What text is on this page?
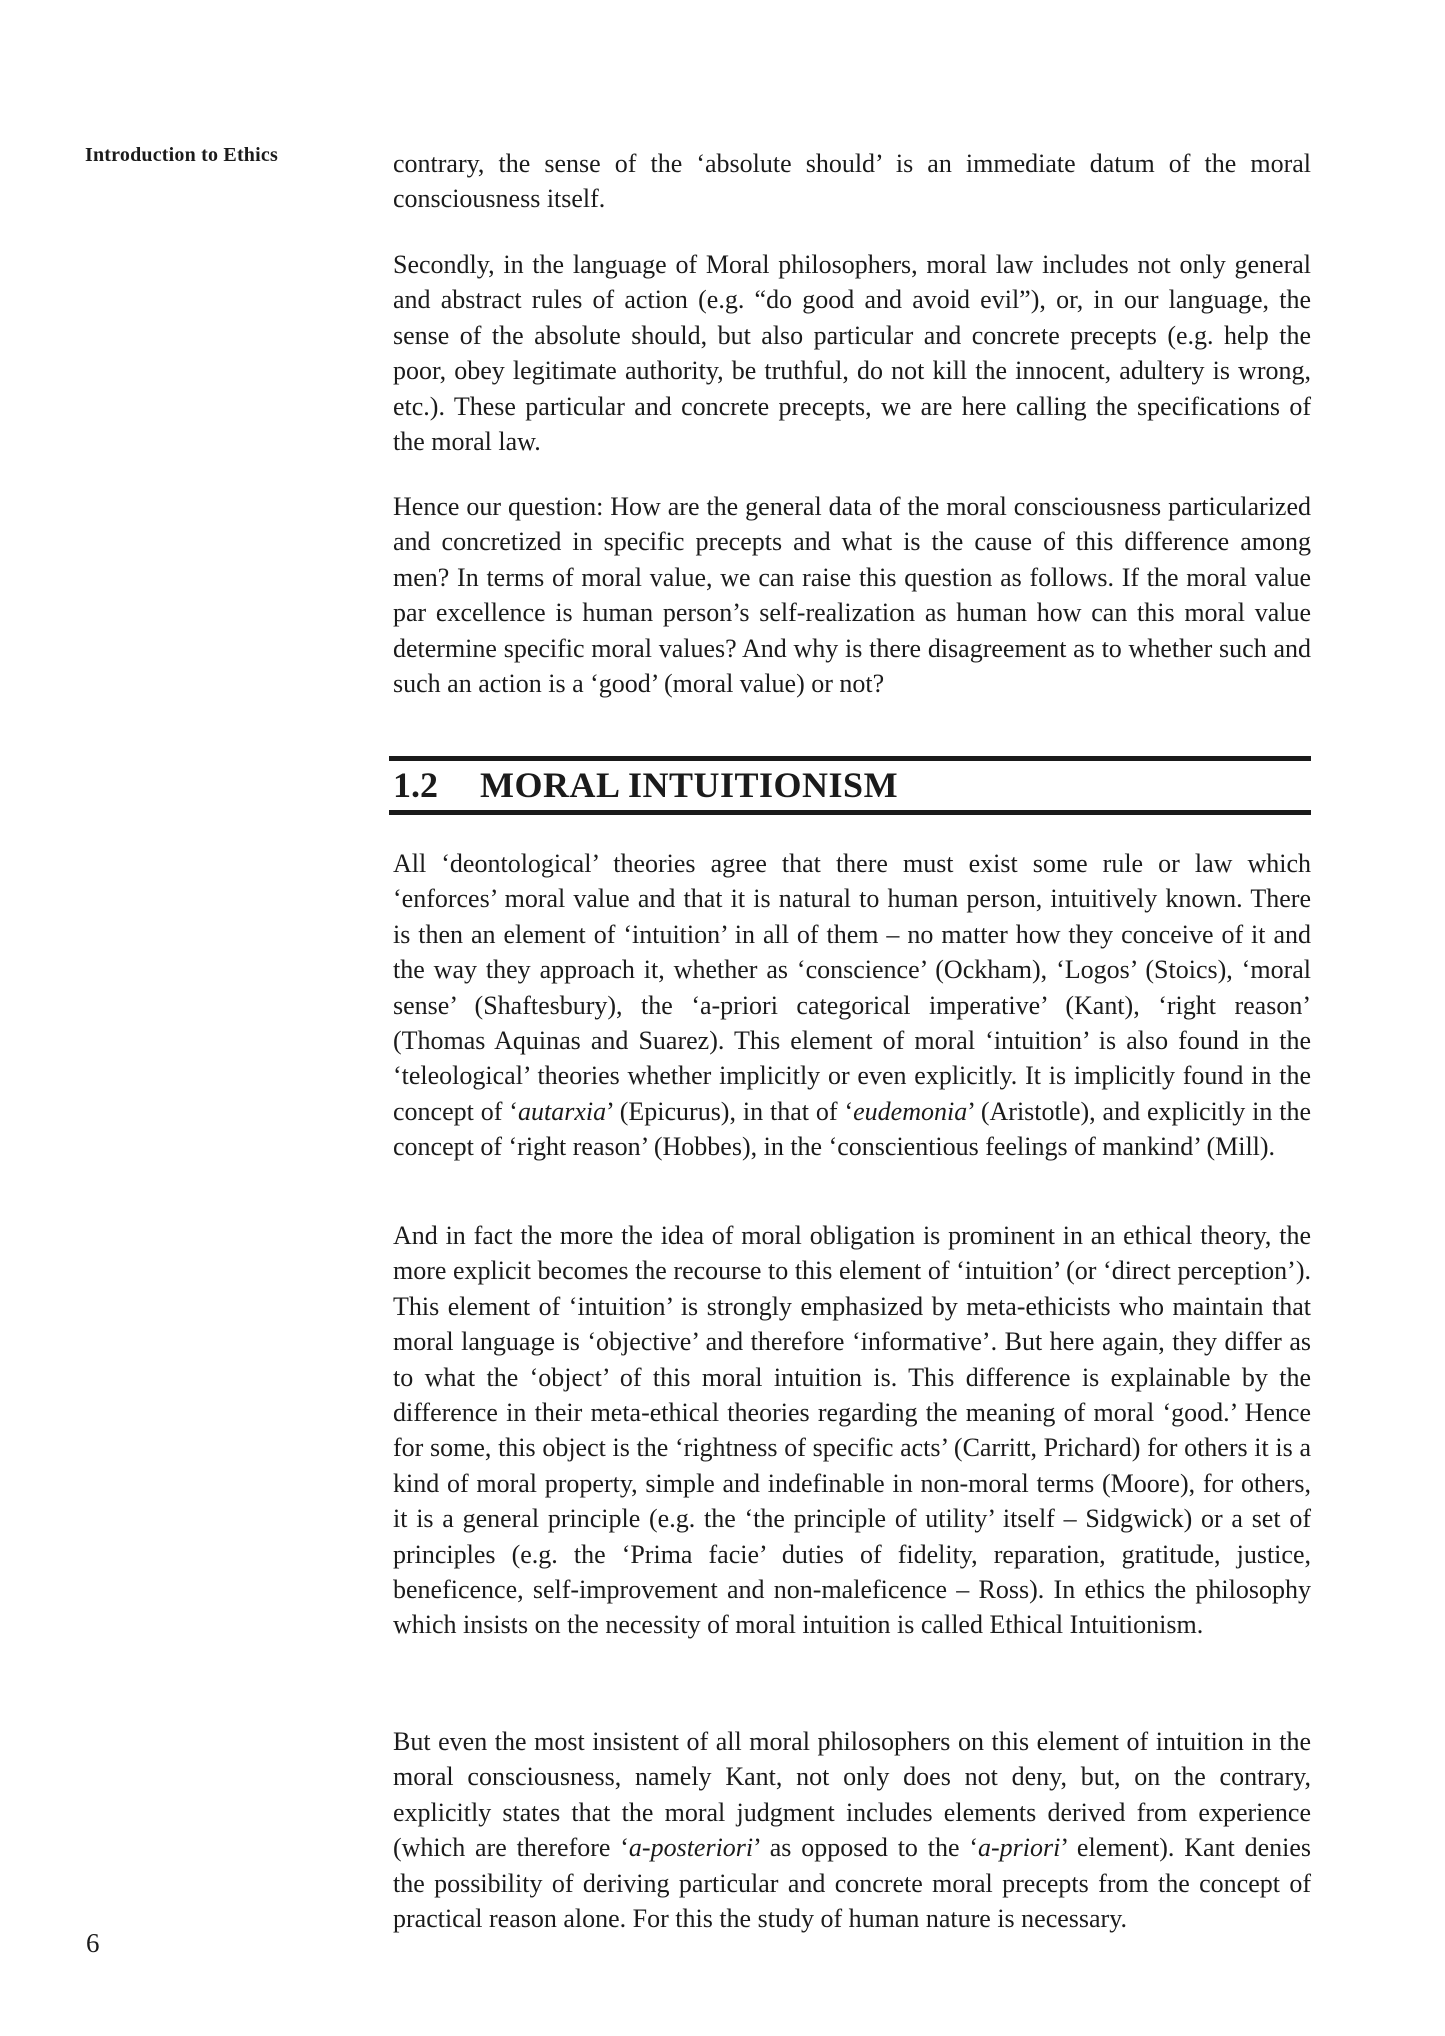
Introduction to Ethics
6

contrary, the sense of the ‘absolute should’ is an immediate datum of the moral consciousness itself.

Secondly, in the language of Moral philosophers, moral law includes not only general and abstract rules of action (e.g. “do good and avoid evil”), or, in our language, the sense of the absolute should, but also particular and concrete precepts (e.g. help the poor, obey legitimate authority, be truthful, do not kill the innocent, adultery is wrong, etc.). These particular and concrete precepts, we are here calling the specifications of the moral law.

Hence our question: How are the general data of the moral consciousness particularized and concretized in specific precepts and what is the cause of this difference among men? In terms of moral value, we can raise this question as follows. If the moral value par excellence is human person’s self-realization as human how can this moral value determine specific moral values? And why is there disagreement as to whether such and such an action is a ‘good’ (moral value) or not?

1.2 MORAL INTUITIONISM

All ‘deontological’ theories agree that there must exist some rule or law which ‘enforces’ moral value and that it is natural to human person, intuitively known. There is then an element of ‘intuition’ in all of them – no matter how they conceive of it and the way they approach it, whether as ‘conscience’ (Ockham), ‘Logos’ (Stoics), ‘moral sense’ (Shaftesbury), the ‘a-priori categorical imperative’ (Kant), ‘right reason’ (Thomas Aquinas and Suarez). This element of moral ‘intuition’ is also found in the ‘teleological’ theories whether implicitly or even explicitly. It is implicitly found in the concept of ‘autarxia’ (Epicurus), in that of ‘eudemonia’ (Aristotle), and explicitly in the concept of ‘right reason’ (Hobbes), in the ‘conscientious feelings of mankind’ (Mill).

And in fact the more the idea of moral obligation is prominent in an ethical theory, the more explicit becomes the recourse to this element of ‘intuition’ (or ‘direct perception’). This element of ‘intuition’ is strongly emphasized by meta-ethicists who maintain that moral language is ‘objective’ and therefore ‘informative’. But here again, they differ as to what the ‘object’ of this moral intuition is. This difference is explainable by the difference in their meta-ethical theories regarding the meaning of moral ‘good.’ Hence for some, this object is the ‘rightness of specific acts’ (Carritt, Prichard) for others it is a kind of moral property, simple and indefinable in non-moral terms (Moore), for others, it is a general principle (e.g. the ‘the principle of utility’ itself – Sidgwick) or a set of principles (e.g. the ‘Prima facie’ duties of fidelity, reparation, gratitude, justice, beneficence, self-improvement and non-maleficence – Ross). In ethics the philosophy which insists on the necessity of moral intuition is called Ethical Intuitionism.

But even the most insistent of all moral philosophers on this element of intuition in the moral consciousness, namely Kant, not only does not deny, but, on the contrary, explicitly states that the moral judgment includes elements derived from experience (which are therefore ‘a-posteriori’ as opposed to the ‘a-priori’ element). Kant denies the possibility of deriving particular and concrete moral precepts from the concept of practical reason alone. For this the study of human nature is necessary.
